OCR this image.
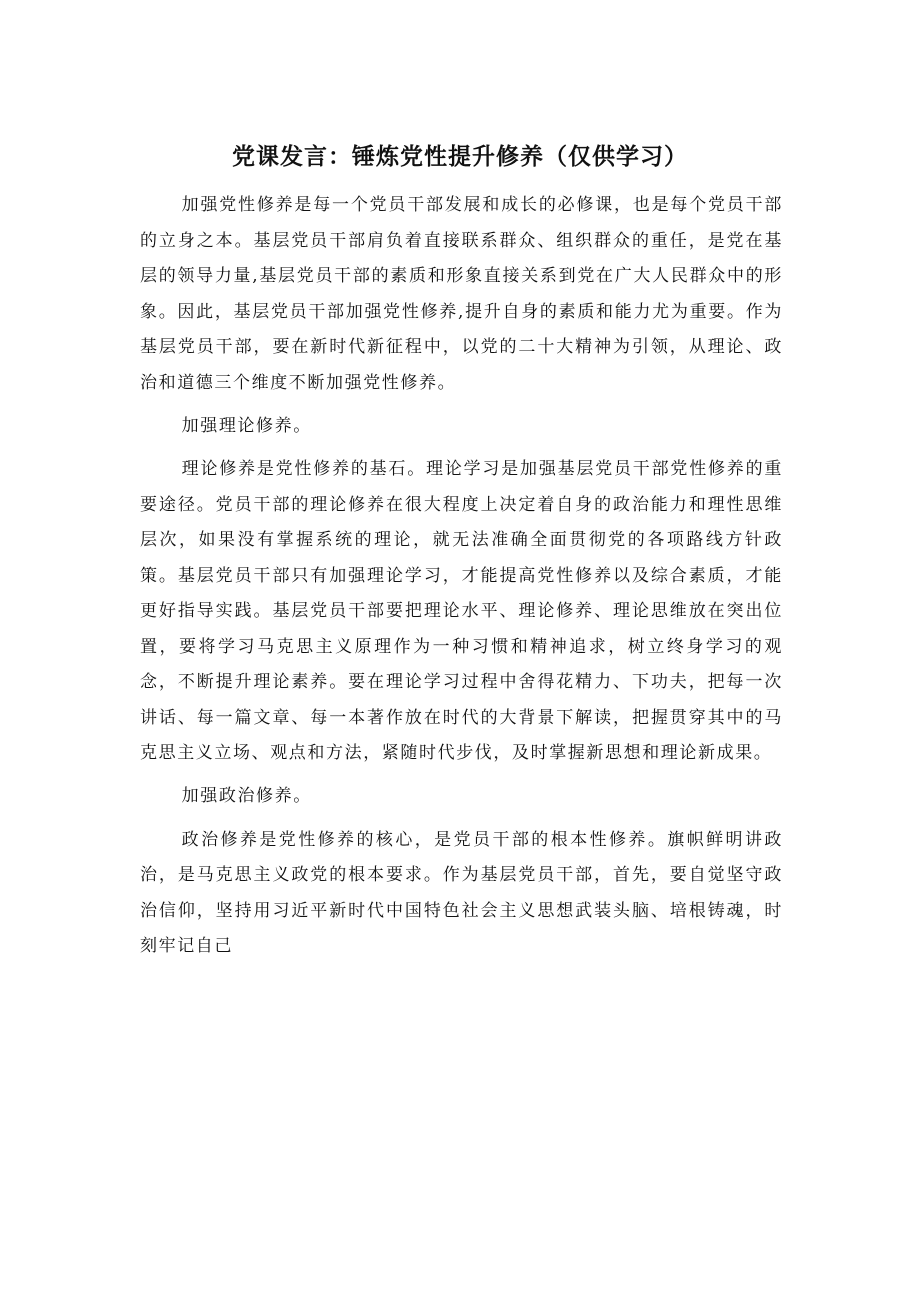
党课发言：锤炼党性提升修养（仅供学习）

加强党性修养是每一个党员干部发展和成长的必修课，也是每个党员干部的立身之本。基层党员干部肩负着直接联系群众、组织群众的重任，是党在基层的领导力量,基层党员干部的素质和形象直接关系到党在广大人民群众中的形象。因此，基层党员干部加强党性修养,提升自身的素质和能力尤为重要。作为基层党员干部，要在新时代新征程中，以党的二十大精神为引领，从理论、政治和道德三个维度不断加强党性修养。

加强理论修养。

理论修养是党性修养的基石。理论学习是加强基层党员干部党性修养的重要途径。党员干部的理论修养在很大程度上决定着自身的政治能力和理性思维层次，如果没有掌握系统的理论，就无法准确全面贯彻党的各项路线方针政策。基层党员干部只有加强理论学习，才能提高党性修养以及综合素质，才能更好指导实践。基层党员干部要把理论水平、理论修养、理论思维放在突出位置，要将学习马克思主义原理作为一种习惯和精神追求，树立终身学习的观念，不断提升理论素养。要在理论学习过程中舍得花精力、下功夫，把每一次讲话、每一篇文章、每一本著作放在时代的大背景下解读，把握贯穿其中的马克思主义立场、观点和方法，紧随时代步伐，及时掌握新思想和理论新成果。

加强政治修养。

政治修养是党性修养的核心，是党员干部的根本性修养。旗帜鲜明讲政治，是马克思主义政党的根本要求。作为基层党员干部，首先，要自觉坚守政治信仰，坚持用习近平新时代中国特色社会主义思想武装头脑、培根铸魂，时刻牢记自己
